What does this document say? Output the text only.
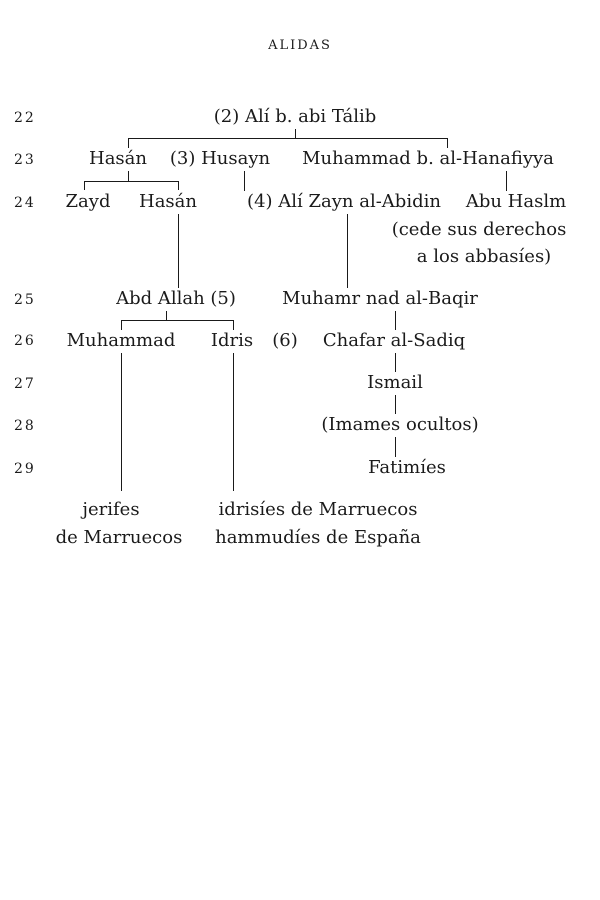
ALIDAS
22
23
24
25
26
27
28
29
(2) Alí b. abi Tálib
Hasán (3) Husayn Muhammad b. al-Hanafiyya
Zayd Hasán	(4) Alí Zayn al-Abidin Abu Haslm
(cede sus derechos
a los abbasíes)
Abd Allah (5)	Muhamr nad al-Baqir
Muhammad Idris (6) Chafar al-Sadiq
Ismail
(Imames ocultos)
Fatimíes
jerifes
de Marruecos
idrisíes de Marruecos
hammudíes de España
